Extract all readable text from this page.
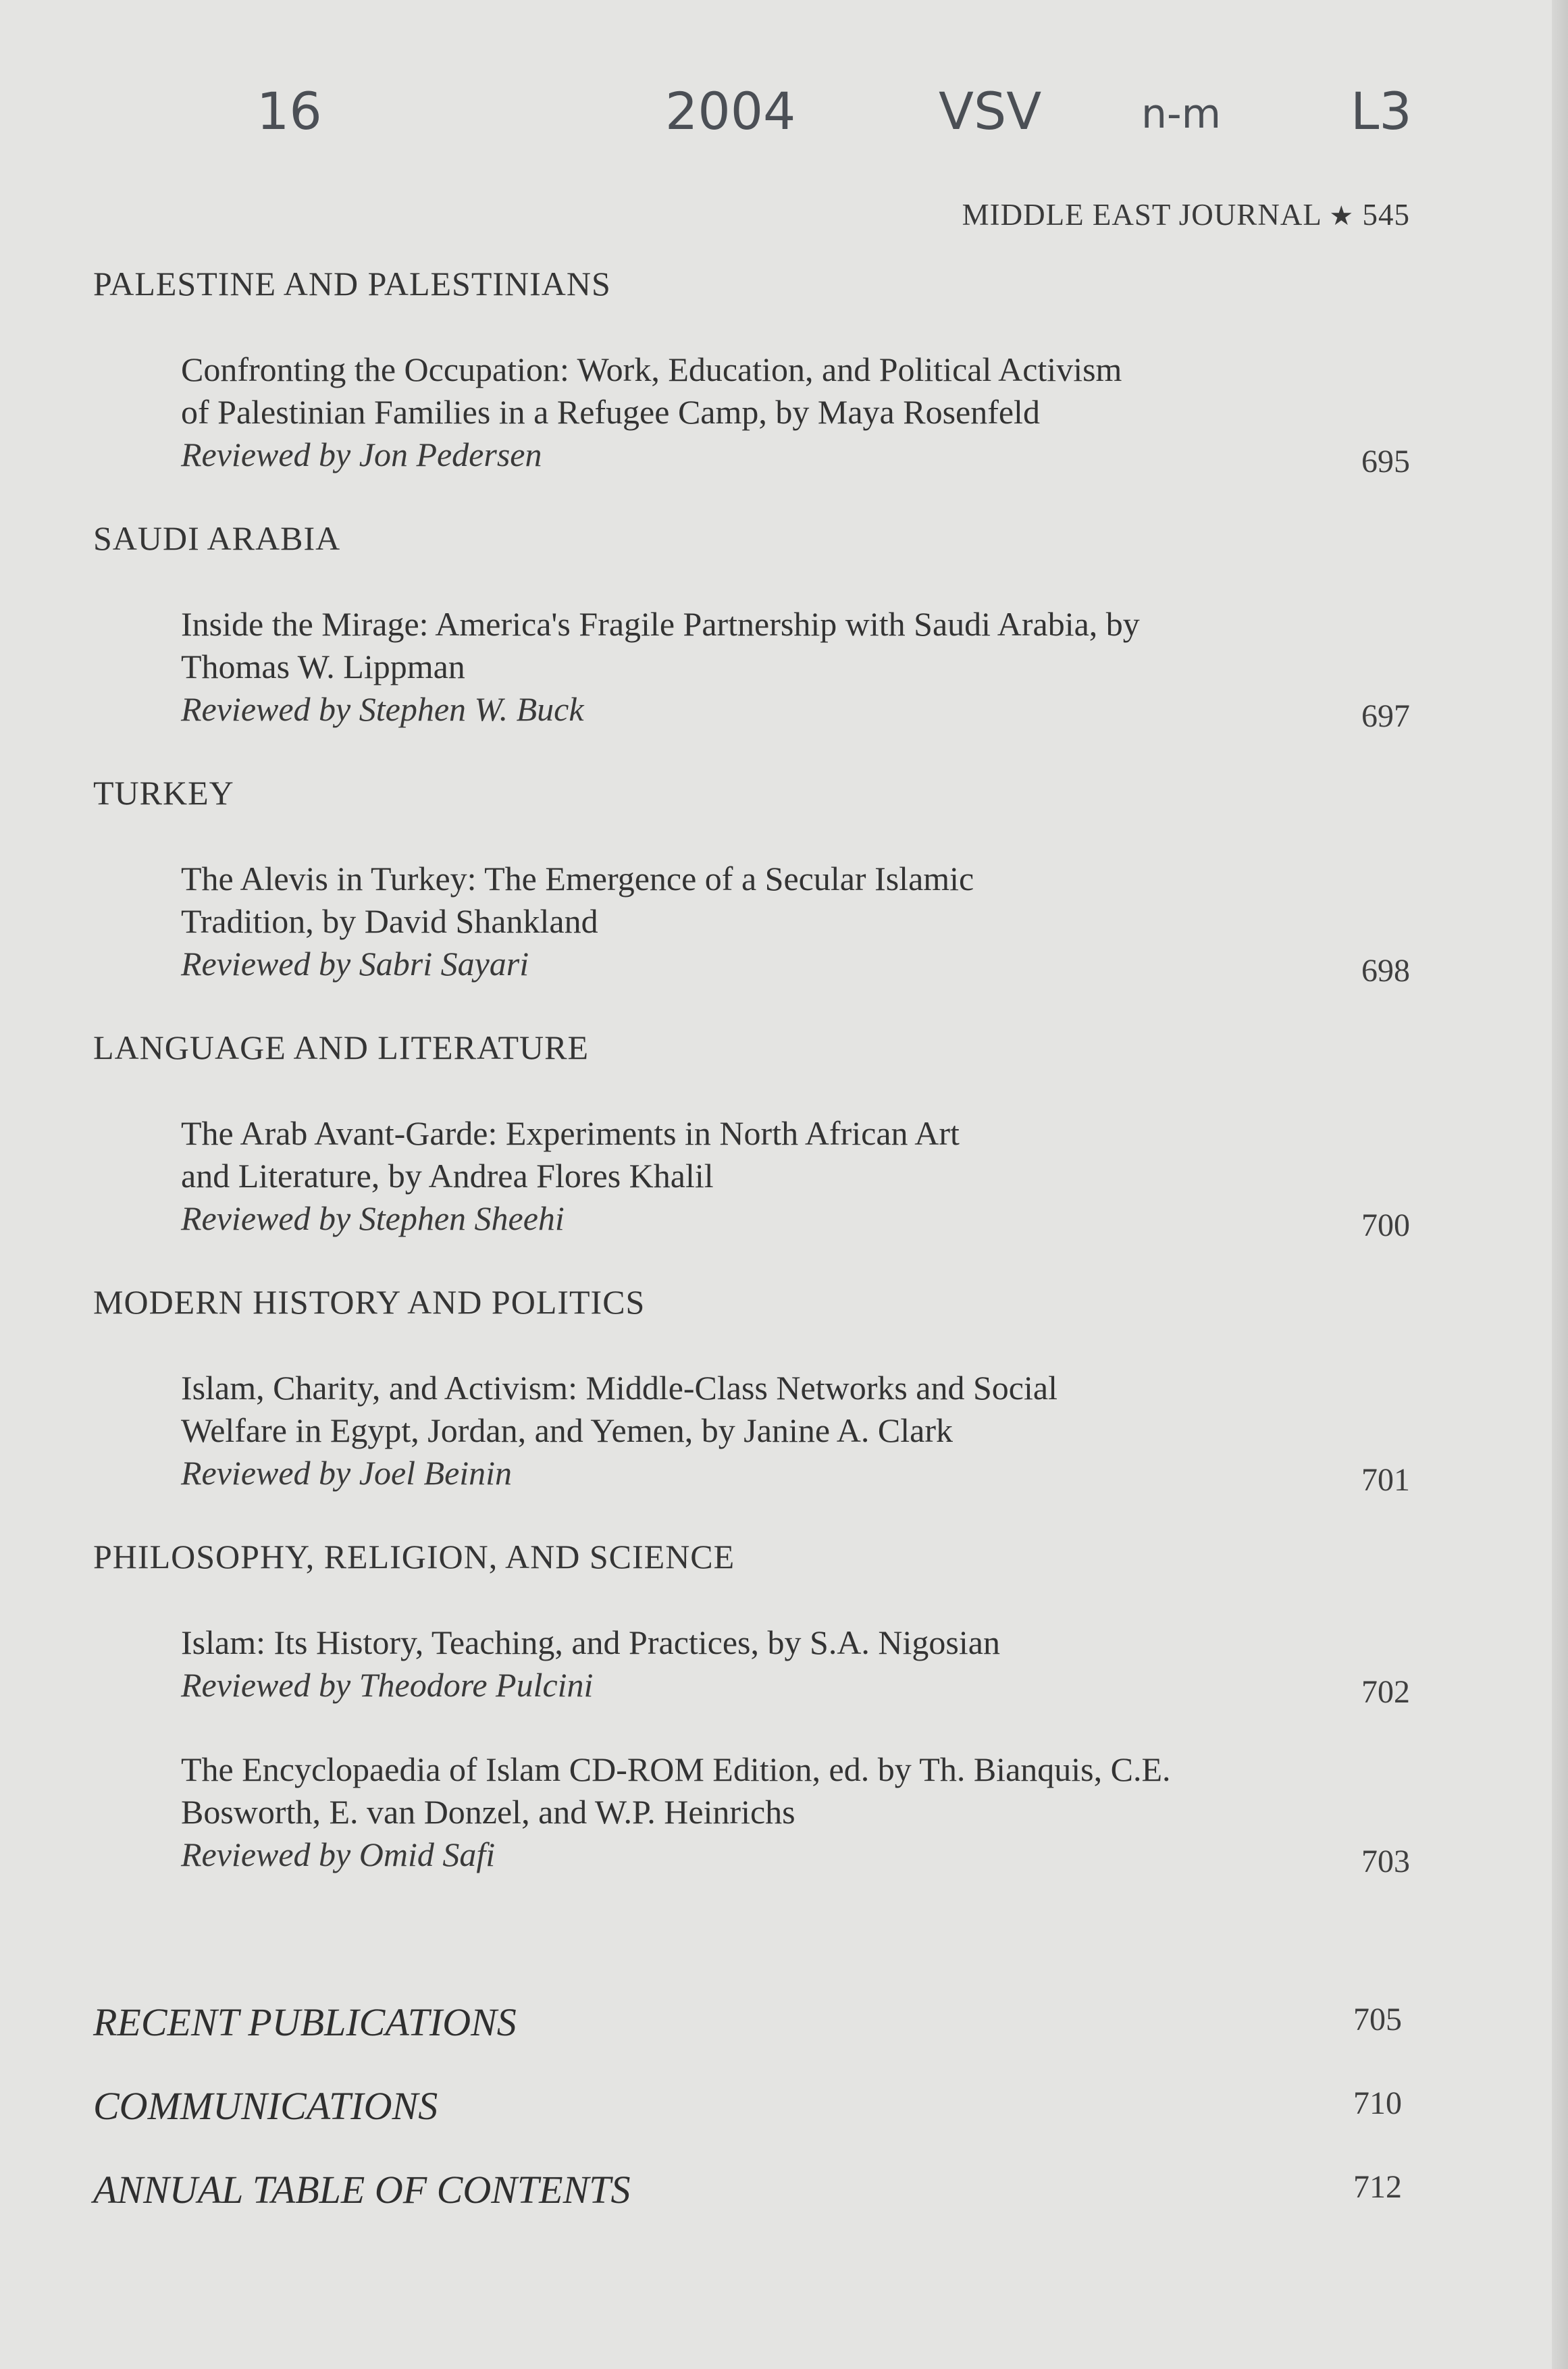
16	2004	VSV n-m	L3
MIDDLE EAST JOURNAL ★ 545
PALESTINE AND PALESTINIANS
Confronting the Occupation: Work, Education, and Political Activism
of Palestinian Families in a Refugee Camp, by Maya Rosenfeld
Reviewed by Jon Pedersen	695
SAUDI ARABIA
Inside the Mirage: America's Fragile Partnership with Saudi Arabia, by
Thomas W. Lippman
Reviewed by Stephen W. Buck	697
TURKEY
The Alevis in Turkey: The Emergence of a Secular Islamic
Tradition, by David Shankland
Reviewed by Sabri Sayari	698
LANGUAGE AND LITERATURE
The Arab Avant-Garde: Experiments in North African Art
and Literature, by Andrea Flores Khalil
Reviewed by Stephen Sheehi	700
MODERN HISTORY AND POLITICS
Islam, Charity, and Activism: Middle-Class Networks and Social
Welfare in Egypt, Jordan, and Yemen, by Janine A. Clark
Reviewed by Joel Beinin	701
PHILOSOPHY, RELIGION, AND SCIENCE
Islam: Its History, Teaching, and Practices, by S.A. Nigosian
Reviewed by Theodore Pulcini	702
The Encyclopaedia of Islam CD-ROM Edition, ed. by Th. Bianquis, C.E.
Bosworth, E. van Donzel, and W.P. Heinrichs
Reviewed by Omid Safi	703
RECENT PUBLICATIONS	705
COMMUNICATIONS	710
ANNUAL TABLE OF CONTENTS	712
